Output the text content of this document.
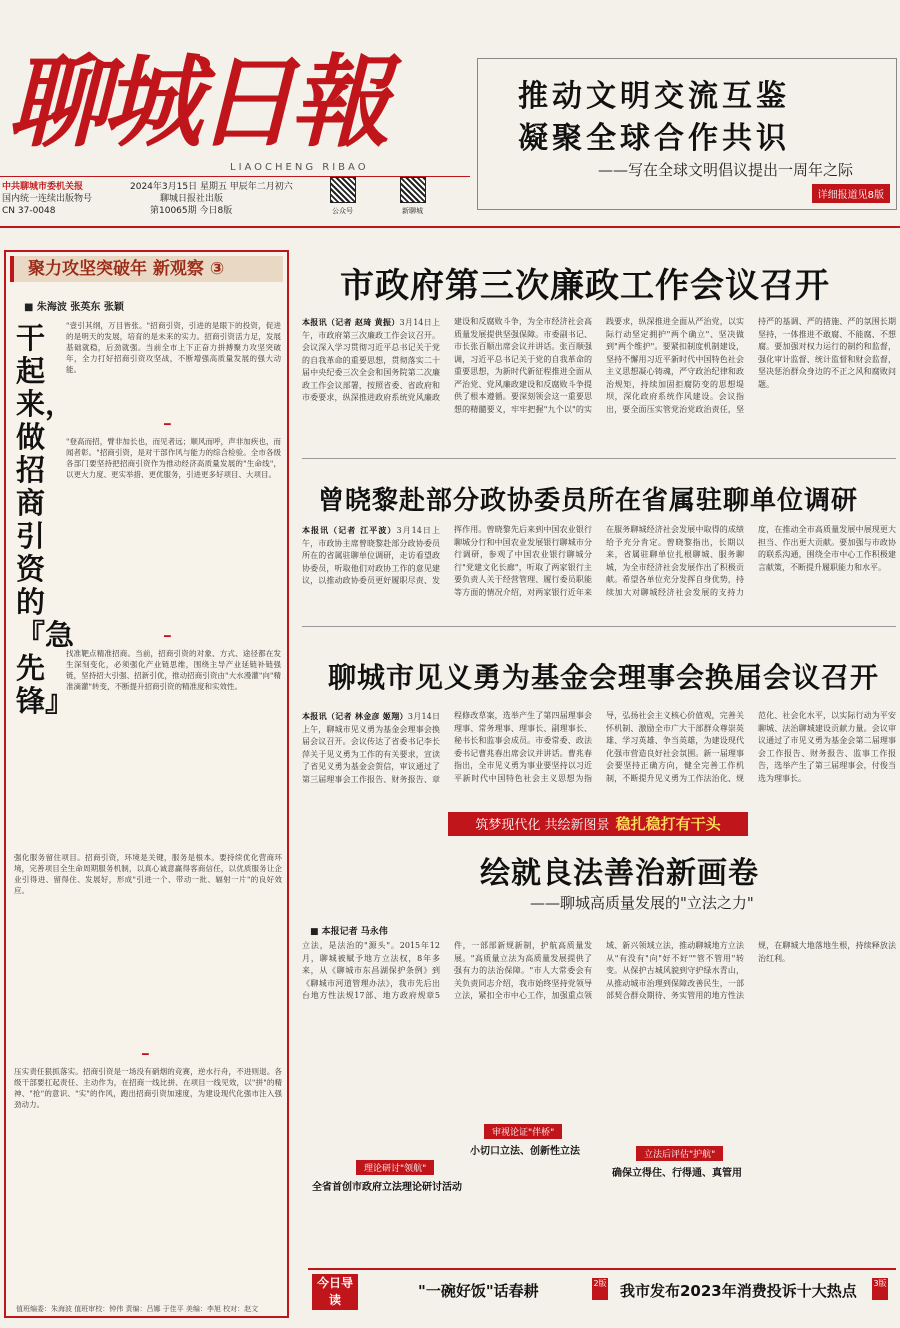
聊城日報
LIAOCHENG RIBAO
推动文明交流互鉴
凝聚全球合作共识
——写在全球文明倡议提出一周年之际
详细报道见8版
中共聊城市委机关报
国内统一连续出版物号
CN 37-0048
2024年3月15日 星期五 甲辰年二月初六
聊城日报社出版
第10065期 今日8版	公众号	新聊城
聚力攻坚突破年 新观察 ③
■ 朱海波 张英东 张颖
干起来，做招商引资的『急先锋』
"壹引其纲，万目皆张。"招商引资，引进的是眼下的投资，促进的是明天的发展，培育的是未来的实力。招商引资活力足，发展基础就稳，后劲就强。当前全市上下正奋力拼搏聚力攻坚突破年，全力打好招商引资攻坚战，不断增强高质量发展的强大动能。
━
"登高而招，臂非加长也，而见者远；顺风而呼，声非加疾也，而闻者彰。"招商引资，是对干部作风与能力的综合检验。全市各级各部门要坚持把招商引资作为推动经济高质量发展的"生命线"，以更大力度、更实举措、更优服务，引进更多好项目、大项目。
━
找准靶点精准招商。当前，招商引资的对象、方式、途径都在发生深刻变化，必须强化产业链思维，围绕主导产业延链补链强链，坚持招大引强、招新引优，推动招商引资由"大水漫灌"向"精准滴灌"转变，不断提升招商引资的精准度和实效性。
强化服务留住项目。招商引资，环境是关键，服务是根本。要持续优化营商环境，完善项目全生命周期服务机制，以真心诚意赢得客商信任，以优质服务让企业引得进、留得住、发展好，形成"引进一个、带动一批、辐射一片"的良好效应。
━
压实责任狠抓落实。招商引资是一场没有硝烟的竞赛，逆水行舟，不进则退。各级干部要扛起责任、主动作为，在招商一线比拼、在项目一线见效，以"拼"的精神、"抢"的意识、"实"的作风，跑出招商引资加速度，为建设现代化强市注入强劲动力。
值班编委：朱海波 值班审校：钟伟 责编：吕娜 于佳平 美编：李旭 校对：赵文
市政府第三次廉政工作会议召开
本报讯（记者 赵琦 黄振）3月14日上午，市政府第三次廉政工作会议召开。会议深入学习贯彻习近平总书记关于党的自我革命的重要思想，贯彻落实二十届中央纪委三次全会和国务院第二次廉政工作会议部署，按照省委、省政府和市委要求，纵深推进政府系统党风廉政建设和反腐败斗争，为全市经济社会高质量发展提供坚强保障。市委副书记、市长张百顺出席会议并讲话。张百顺强调，习近平总书记关于党的自我革命的重要思想，为新时代新征程推进全面从严治党、党风廉政建设和反腐败斗争提供了根本遵循。要深刻领会这一重要思想的精髓要义，牢牢把握"九个以"的实践要求，纵深推进全面从严治党，以实际行动坚定拥护"两个确立"、坚决做到"两个维护"。要紧扣制度机制建设，坚持不懈用习近平新时代中国特色社会主义思想凝心铸魂，严守政治纪律和政治规矩，持续加固拒腐防变的思想堤坝，深化政府系统作风建设。会议指出，要全面压实管党治党政治责任，坚持严的基调、严的措施、严的氛围长期坚持，一体推进不敢腐、不能腐、不想腐。要加强对权力运行的制约和监督，强化审计监督、统计监督和财会监督，坚决惩治群众身边的不正之风和腐败问题。
曾晓黎赴部分政协委员所在省属驻聊单位调研
本报讯（记者 江平波）3月14日上午，市政协主席曾晓黎赴部分政协委员所在的省属驻聊单位调研，走访看望政协委员，听取他们对政协工作的意见建议，以推动政协委员更好履职尽责、发挥作用。曾晓黎先后来到中国农业银行聊城分行和中国农业发展银行聊城市分行调研，参观了中国农业银行聊城分行"党建文化长廊"，听取了两家银行主要负责人关于经营管理、履行委员职能等方面的情况介绍，对两家银行近年来在服务聊城经济社会发展中取得的成绩给予充分肯定。曾晓黎指出，长期以来，省属驻聊单位扎根聊城、服务聊城，为全市经济社会发展作出了积极贡献。希望各单位充分发挥自身优势，持续加大对聊城经济社会发展的支持力度，在推动全市高质量发展中展现更大担当、作出更大贡献。要加强与市政协的联系沟通，围绕全市中心工作积极建言献策，不断提升履职能力和水平。
聊城市见义勇为基金会理事会换届会议召开
本报讯（记者 林金彦 姬翔）3月14日上午，聊城市见义勇为基金会理事会换届会议召开。会议传达了省委书记李长萍关于见义勇为工作的有关要求，宣读了省见义勇为基金会贺信，审议通过了第三届理事会工作报告、财务报告、章程修改草案，选举产生了第四届理事会理事、常务理事、理事长、副理事长、秘书长和监事会成员。市委常委、政法委书记曹兆春出席会议并讲话。曹兆春指出，全市见义勇为事业要坚持以习近平新时代中国特色社会主义思想为指导，弘扬社会主义核心价值观，完善关怀机制、激励全市广大干部群众尊崇英雄、学习英雄、争当英雄，为建设现代化强市营造良好社会氛围。新一届理事会要坚持正确方向，健全完善工作机制，不断提升见义勇为工作法治化、规范化、社会化水平，以实际行动为平安聊城、法治聊城建设贡献力量。会议审议通过了市见义勇为基金会第二届理事会工作报告、财务报告、监事工作报告，选举产生了第三届理事会，付俊当选为理事长。
筑梦现代化 共绘新图景 稳扎稳打有干头
绘就良法善治新画卷
——聊城高质量发展的"立法之力"
■ 本报记者 马永伟
立法，是法治的"源头"。2015年12月，聊城被赋予地方立法权，8年多来，从《聊城市东昌湖保护条例》到《聊城市河道管理办法》，我市先后出台地方性法规17部、地方政府规章5件，一部部新规新制，护航高质量发展。"高质量立法为高质量发展提供了强有力的法治保障。"市人大常委会有关负责同志介绍，我市始终坚持党领导立法，紧扣全市中心工作，加强重点领域、新兴领域立法，推动聊城地方立法从"有没有"向"好不好""管不管用"转变。从保护古城风貌到守护绿水青山，从推动城市治理到保障改善民生，一部部契合群众期待、务实管用的地方性法规，在聊城大地落地生根，持续释放法治红利。
理论研讨"领航"
全省首创市政府立法理论研讨活动
审视论证"伴桥"
小切口立法、创新性立法	立法后评估"护航"
确保立得住、行得通、真管用
今日导读	"一碗好饭"话春耕	2版 我市发布2023年消费投诉十大热点 3版
